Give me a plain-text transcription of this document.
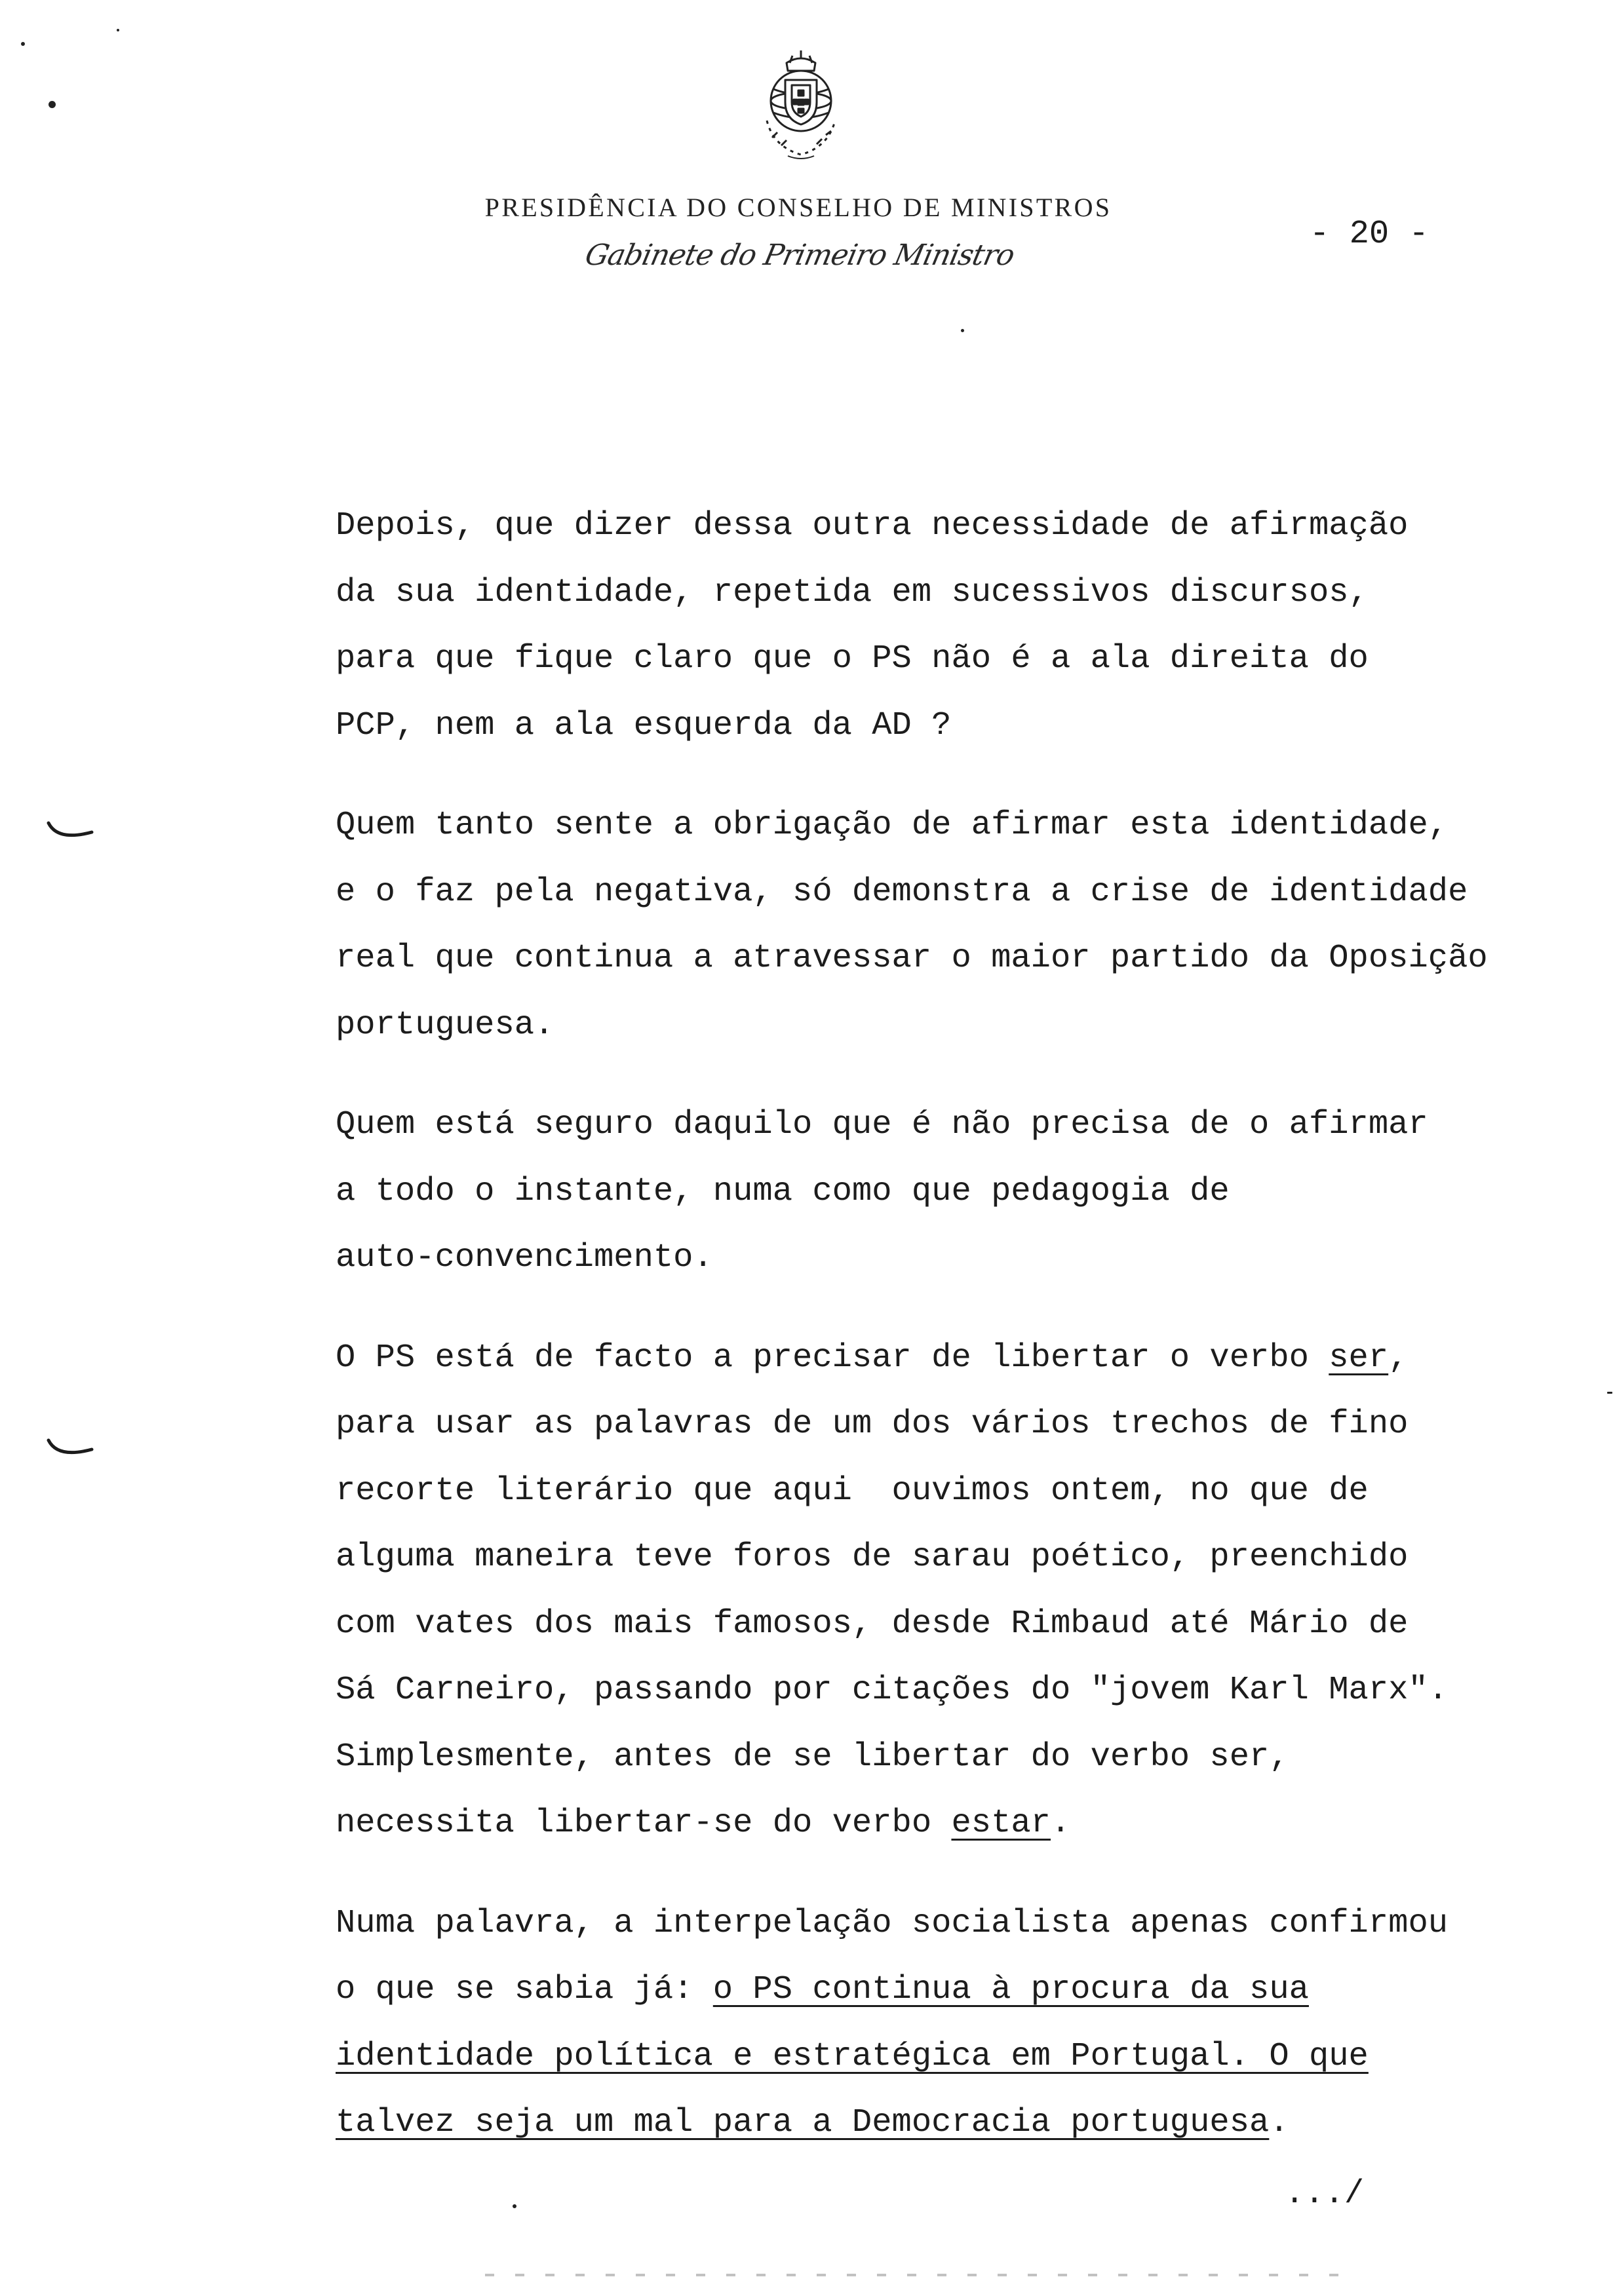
PRESIDÊNCIA DO CONSELHO DE MINISTROS
Gabinete do Primeiro Ministro
- 20 -
Depois, que dizer dessa outra necessidade de afirmação
da sua identidade, repetida em sucessivos discursos,
para que fique claro que o PS não é a ala direita do
PCP, nem a ala esquerda da AD ?
Quem tanto sente a obrigação de afirmar esta identidade,
e o faz pela negativa, só demonstra a crise de identidade
real que continua a atravessar o maior partido da Oposição
portuguesa.
Quem está seguro daquilo que é não precisa de o afirmar
a todo o instante, numa como que pedagogia de
auto-convencimento.
O PS está de facto a precisar de libertar o verbo ser,
para usar as palavras de um dos vários trechos de fino
recorte literário que aqui  ouvimos ontem, no que de
alguma maneira teve foros de sarau poético, preenchido
com vates dos mais famosos, desde Rimbaud até Mário de
Sá Carneiro, passando por citações do "jovem Karl Marx".
Simplesmente, antes de se libertar do verbo ser,
necessita libertar-se do verbo estar.
Numa palavra, a interpelação socialista apenas confirmou
o que se sabia já: o PS continua à procura da sua
identidade política e estratégica em Portugal. O que
talvez seja um mal para a Democracia portuguesa.
.../
